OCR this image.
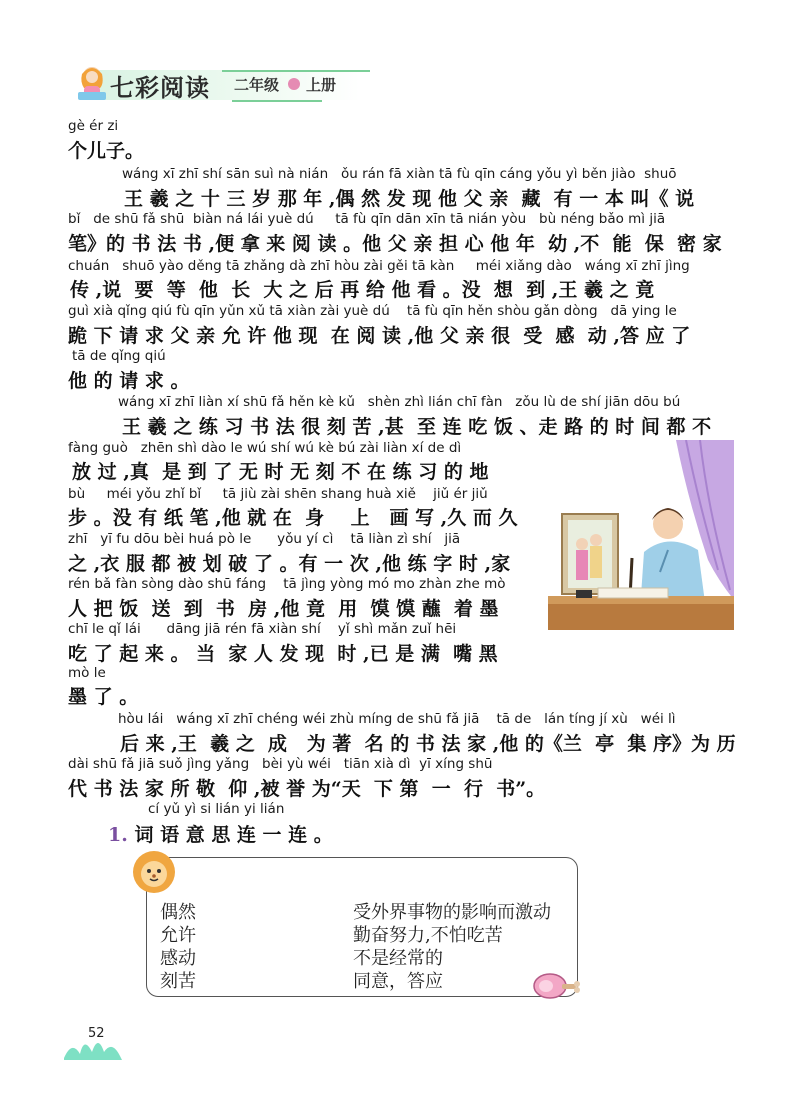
七彩阅读 二年级 上册
gè ér zi
个儿子。
wáng xī zhī shí sān suì nà nián   ǒu rán fā xiàn tā fù qīn cáng yǒu yì běn jiào  shuō
王 羲 之 十 三 岁 那 年 ,偶 然 发 现 他 父 亲  藏  有 一 本 叫《 说
bǐ   de shū fǎ shū  biàn ná lái yuè dú     tā fù qīn dān xīn tā nián yòu   bù néng bǎo mì jiā
笔》的 书 法 书 ,便 拿 来 阅 读 。他 父 亲 担 心 他 年  幼 ,不  能  保  密 家
chuán   shuō yào děng tā zhǎng dà zhī hòu zài gěi tā kàn     méi xiǎng dào   wáng xī zhī jìng
传 ,说  要  等  他  长  大 之 后 再 给 他 看 。没  想  到 ,王 羲 之 竟
guì xià qǐng qiú fù qīn yǔn xǔ tā xiàn zài yuè dú    tā fù qīn hěn shòu gǎn dòng   dā ying le
跪 下 请 求 父 亲 允 许 他 现  在 阅 读 ,他 父 亲 很  受  感  动 ,答 应 了
tā de qǐng qiú
他 的 请 求 。
wáng xī zhī liàn xí shū fǎ hěn kè kǔ   shèn zhì lián chī fàn   zǒu lù de shí jiān dōu bú
王 羲 之 练 习 书 法 很 刻 苦 ,甚  至 连 吃 饭 、走 路 的 时 间 都 不
fàng guò   zhēn shì dào le wú shí wú kè bú zài liàn xí de dì
放 过 ,真  是 到 了 无 时 无 刻 不 在 练 习 的 地
bù     méi yǒu zhǐ bǐ     tā jiù zài shēn shang huà xiě    jiǔ ér jiǔ
步 。没 有 纸 笔 ,他 就 在  身    上   画 写 ,久 而 久
zhī   yī fu dōu bèi huá pò le      yǒu yí cì    tā liàn zì shí   jiā
之 ,衣 服 都 被 划 破 了 。有 一 次 ,他 练 字 时 ,家
rén bǎ fàn sòng dào shū fáng    tā jìng yòng mó mo zhàn zhe mò
人 把 饭  送  到  书  房 ,他 竟  用  馍 馍 蘸  着 墨
chī le qǐ lái      dāng jiā rén fā xiàn shí    yǐ shì mǎn zuǐ hēi
吃 了 起 来 。 当  家 人 发 现  时 ,已 是 满  嘴 黑
mò le
墨 了 。
hòu lái   wáng xī zhī chéng wéi zhù míng de shū fǎ jiā    tā de   lán tíng jí xù   wéi lì
后 来 ,王  羲 之  成   为 著  名 的 书 法 家 ,他 的《兰  亭  集 序》为 历
dài shū fǎ jiā suǒ jìng yǎng   bèi yù wéi   tiān xià dì  yī xíng shū
代 书 法 家 所 敬  仰 ,被 誉 为“天  下 第  一  行  书”。
cí yǔ yì si lián yi lián
1. 词 语 意 思 连 一 连 。
偶然
允许
感动
刻苦
受外界事物的影响而激动
勤奋努力,不怕吃苦
不是经常的
同意，答应
52
